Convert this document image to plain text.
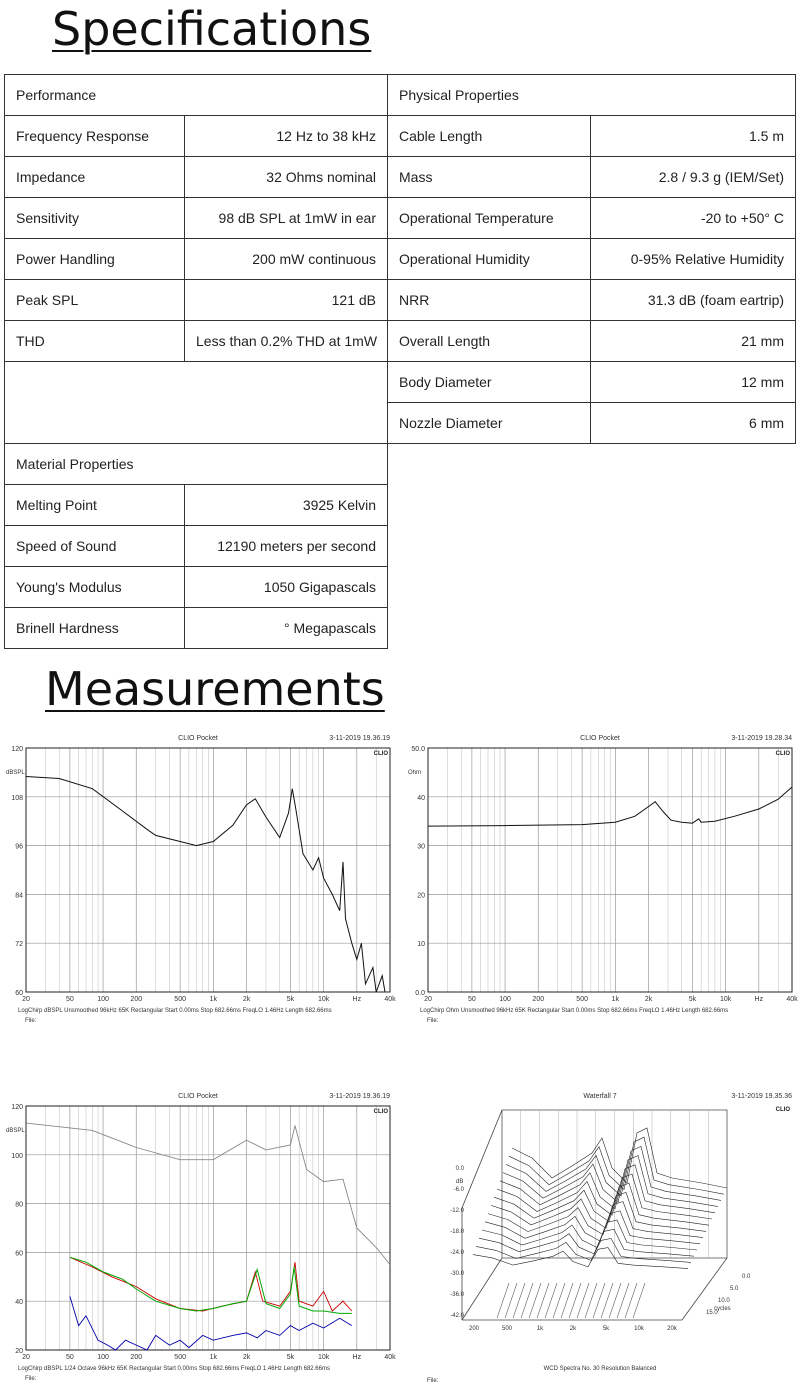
Specifications
Performance		Physical Properties	
Frequency Response	12 Hz to 38 kHz	Cable Length	1.5 m
Impedance	32 Ohms nominal	Mass	2.8 / 9.3 g (IEM/Set)
Sensitivity	98 dB SPL at 1mW in ear	Operational Temperature	-20 to +50° C
Power Handling	200 mW continuous	Operational Humidity	0-95% Relative Humidity
Peak SPL	121 dB	NRR	31.3 dB (foam eartrip)
THD	Less than 0.2% THD at 1mW	Overall Length	21 mm
		Body Diameter	12 mm
		Nozzle Diameter	6 mm
Material Properties			
Melting Point	3925 Kelvin		
Speed of Sound	12190 meters per second		
Young's Modulus	1050 Gigapascals		
Brinell Hardness	° Megapascals		
Measurements
CLIO Pocket	3-11-2019 19.36.19
120
108
96
84
72
60
CLIO
dBSPL
20	50	100	200	500	1k	2k	5k	10k	Hz	40k
LogChirp dBSPL Unsmoothed 96kHz 65K Rectangular Start 0.00ms Stop 682.66ms FreqLO 1.46Hz Length 682.66ms
File:
CLIO Pocket	3-11-2019 19.28.34
50.0
40
30
20
10
0.0
CLIO
Ohm
20	50	100	200	500	1k	2k	5k	10k	Hz	40k
LogChirp Ohm Unsmoothed 96kHz 65K Rectangular Start 0.00ms Stop 682.66ms FreqLO 1.46Hz Length 682.66ms
File:
CLIO Pocket	3-11-2019 19.36.19
120
100
80
60
40
20
CLIO
dBSPL
20	50	100	200	500	1k	2k	5k	10k	Hz	40k
LogChirp dBSPL 1/24 Octave 96kHz 65K Rectangular Start 0.00ms Stop 682.66ms FreqLO 1.46Hz Length 682.66ms
File:
Waterfall 7	3-11-2019 19.35.36
CLIO
0.0
-6.0
-12.0
-18.0
-24.0
-30.0
-36.0
-42.0
dB
200	500	1k	2k	5k	10k	20k
0.0
5.0
10.0
15.0
cycles
WCD Spectra No. 30 Resolution Balanced
File:
